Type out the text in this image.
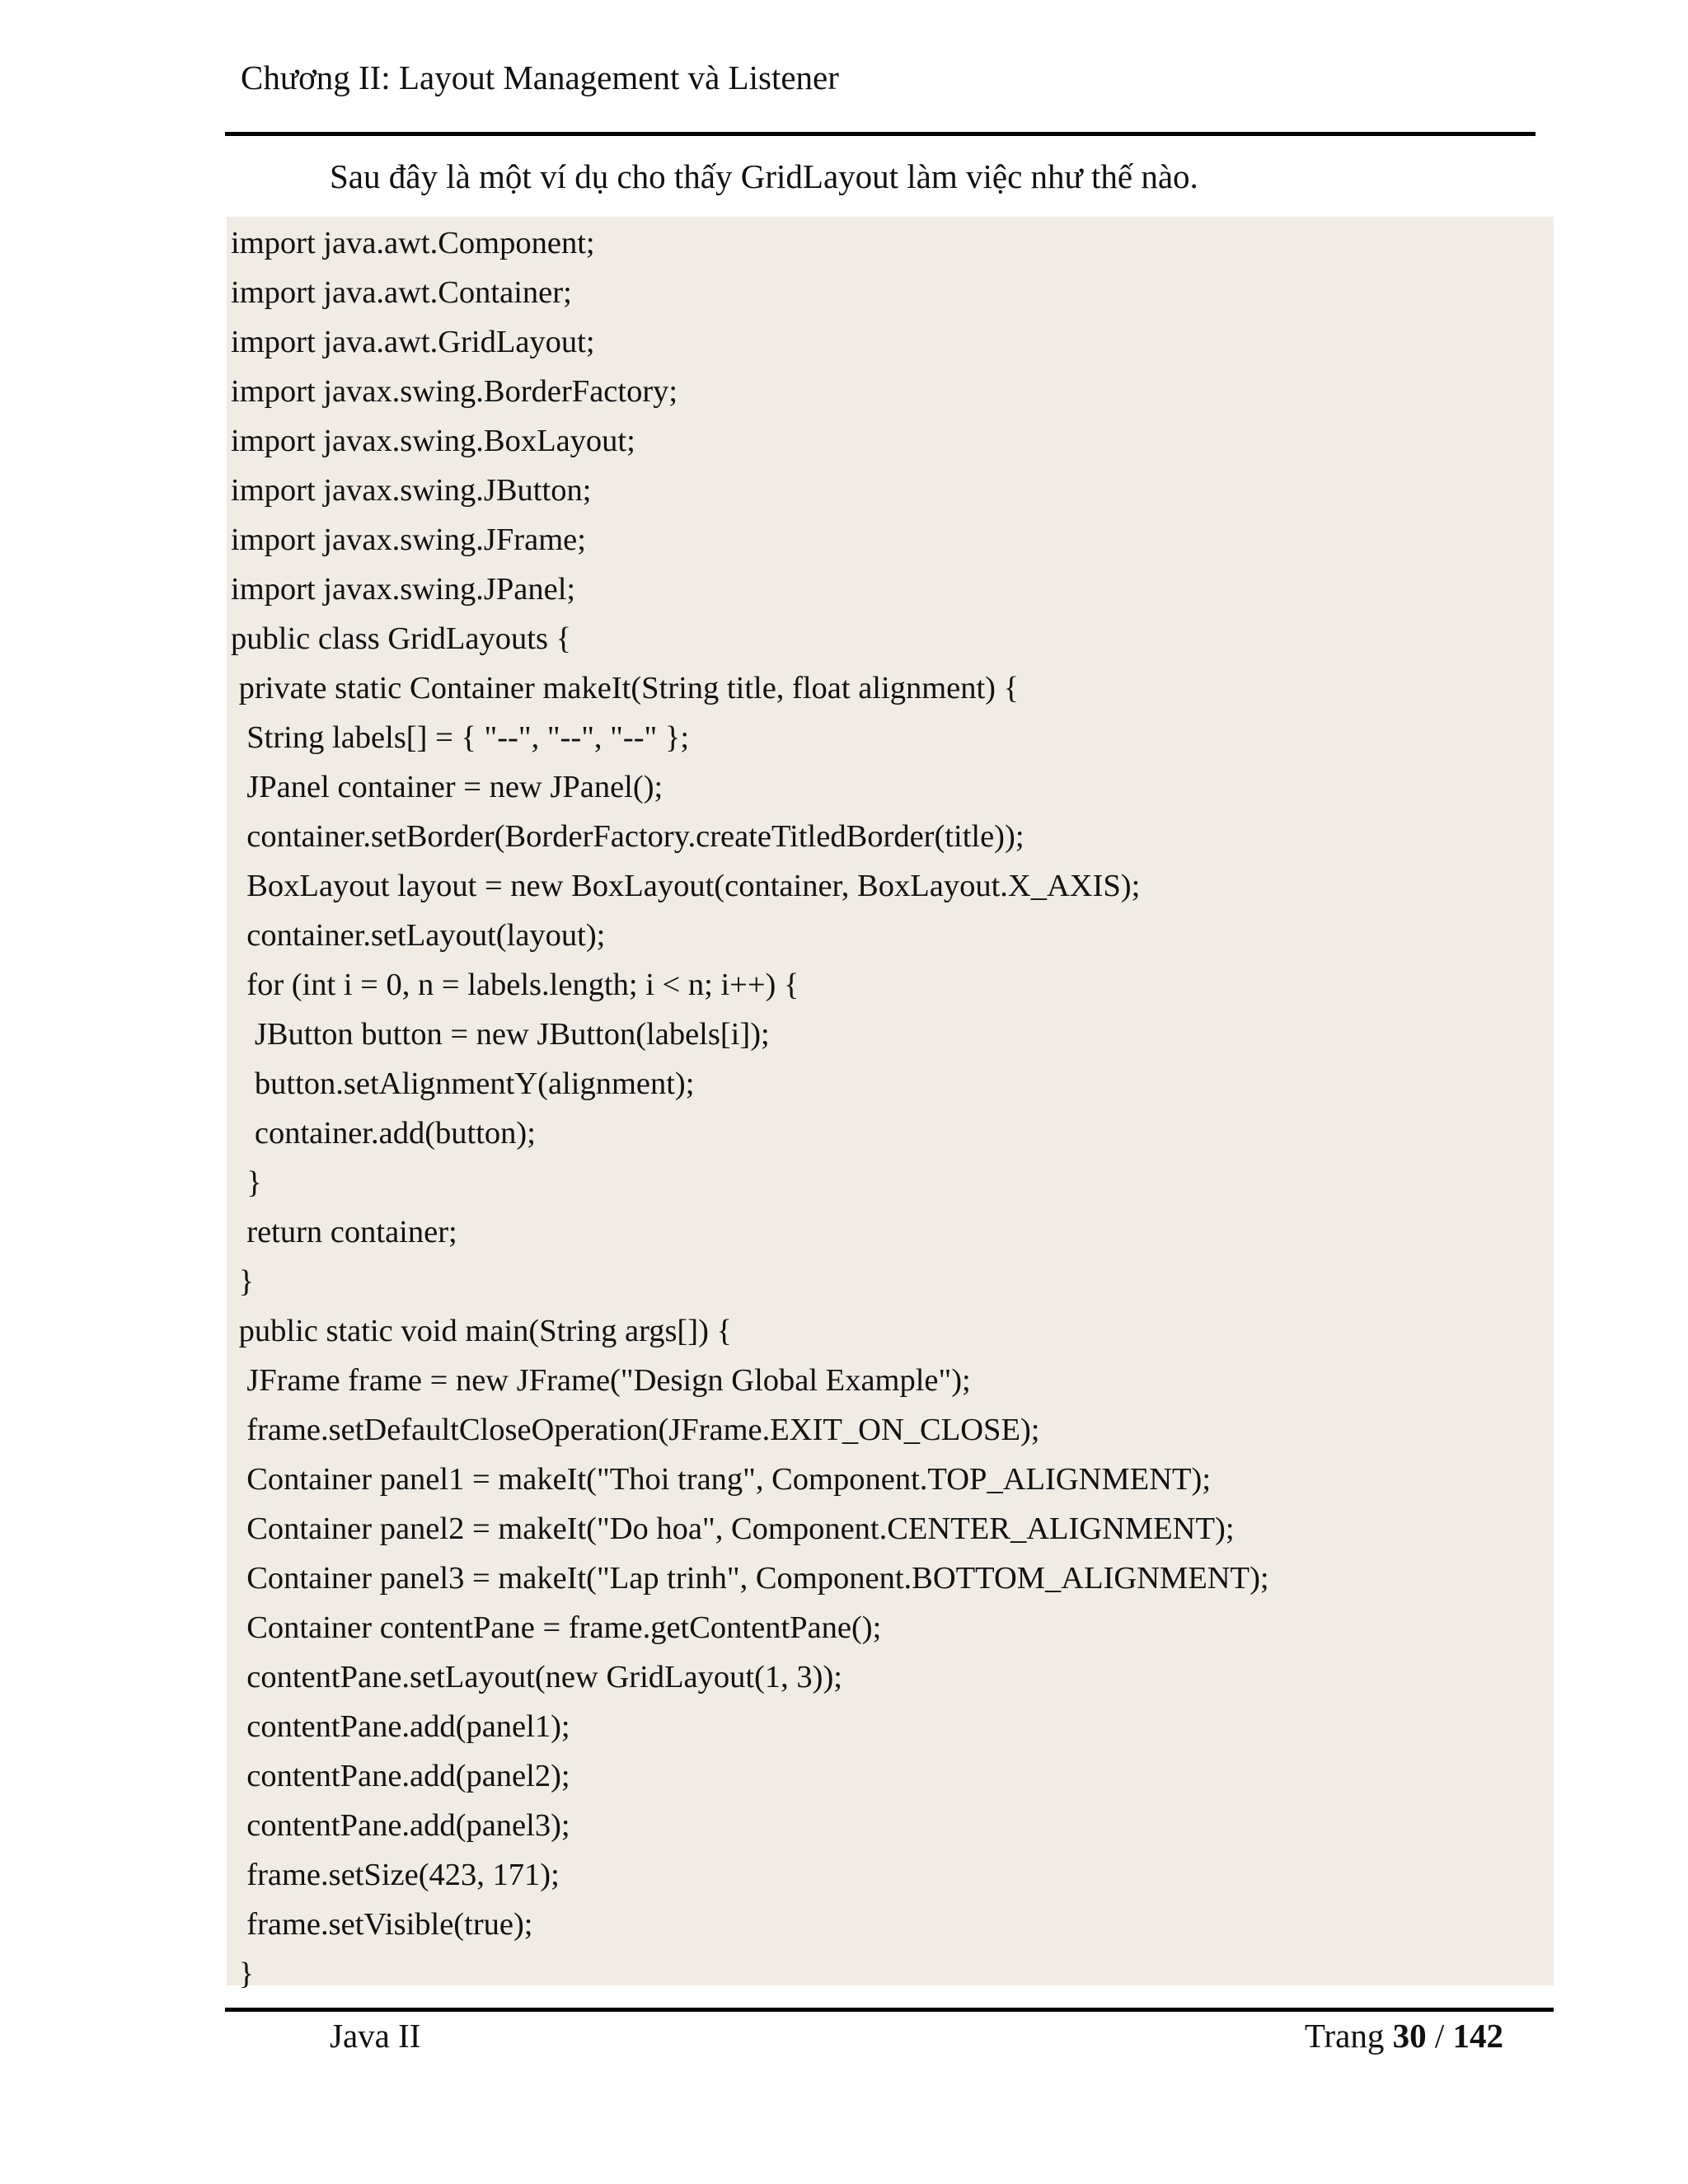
Chương II: Layout Management và Listener
Sau đây là một ví dụ cho thấy GridLayout làm việc như thế nào.
import java.awt.Component;
import java.awt.Container;
import java.awt.GridLayout;
import javax.swing.BorderFactory;
import javax.swing.BoxLayout;
import javax.swing.JButton;
import javax.swing.JFrame;
import javax.swing.JPanel;
public class GridLayouts {
private static Container makeIt(String title, float alignment) {
String labels[] = { "--", "--", "--" };
JPanel container = new JPanel();
container.setBorder(BorderFactory.createTitledBorder(title));
BoxLayout layout = new BoxLayout(container, BoxLayout.X_AXIS);
container.setLayout(layout);
for (int i = 0, n = labels.length; i < n; i++) {
JButton button = new JButton(labels[i]);
button.setAlignmentY(alignment);
container.add(button);
}
return container;
}
public static void main(String args[]) {
JFrame frame = new JFrame("Design Global Example");
frame.setDefaultCloseOperation(JFrame.EXIT_ON_CLOSE);
Container panel1 = makeIt("Thoi trang", Component.TOP_ALIGNMENT);
Container panel2 = makeIt("Do hoa", Component.CENTER_ALIGNMENT);
Container panel3 = makeIt("Lap trinh", Component.BOTTOM_ALIGNMENT);
Container contentPane = frame.getContentPane();
contentPane.setLayout(new GridLayout(1, 3));
contentPane.add(panel1);
contentPane.add(panel2);
contentPane.add(panel3);
frame.setSize(423, 171);
frame.setVisible(true);
}
Java II	Trang 30 / 142
